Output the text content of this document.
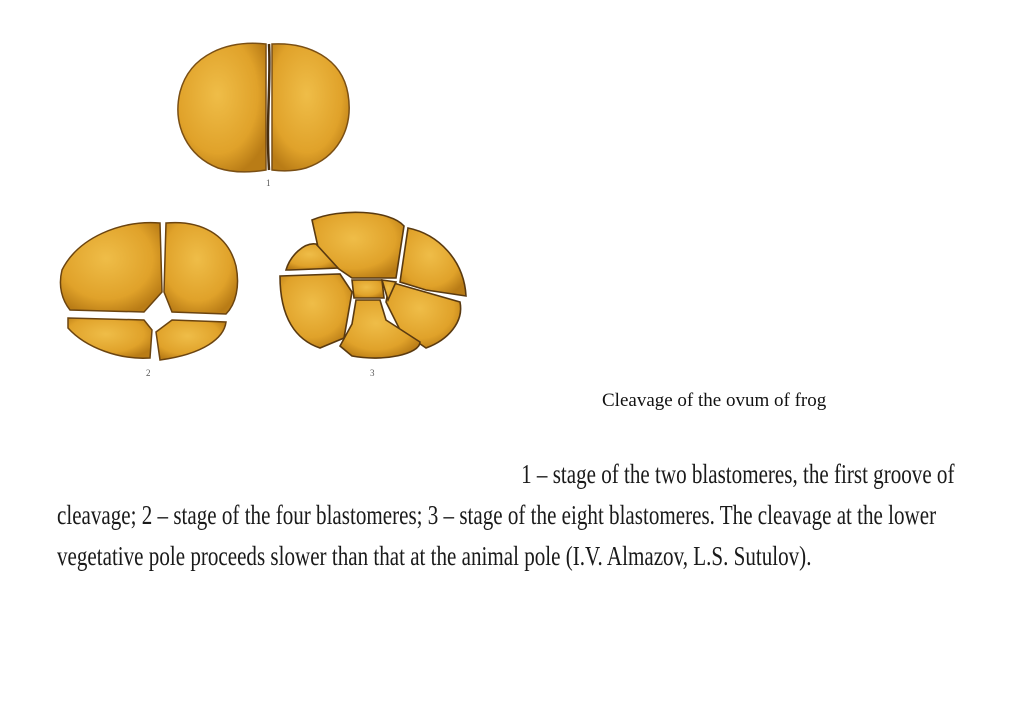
1
2	3
Cleavage of the ovum of frog
1 – stage of the two blastomeres, the first groove of
cleavage; 2 – stage of the four blastomeres; 3 – stage of the eight blastomeres. The cleavage at the lower
vegetative pole proceeds slower than that at the animal pole (I.V. Almazov, L.S. Sutulov).
